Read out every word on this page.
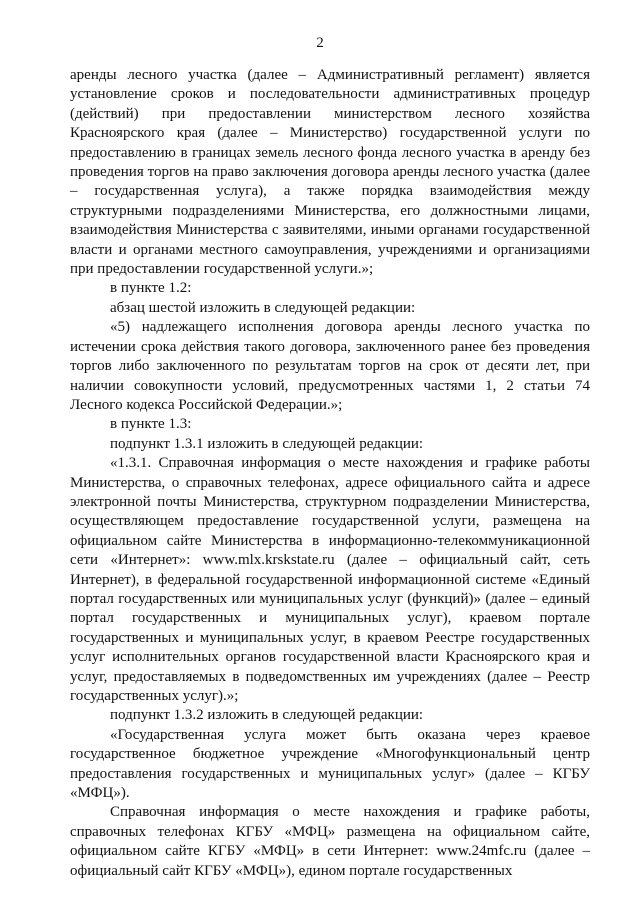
2

аренды лесного участка (далее – Административный регламент) является установление сроков и последовательности административных процедур (действий) при предоставлении министерством лесного хозяйства Красноярского края (далее – Министерство) государственной услуги по предоставлению в границах земель лесного фонда лесного участка в аренду без проведения торгов на право заключения договора аренды лесного участка (далее – государственная услуга), а также порядка взаимодействия между структурными подразделениями Министерства, его должностными лицами, взаимодействия Министерства с заявителями, иными органами государственной власти и органами местного самоуправления, учреждениями и организациями при предоставлении государственной услуги.»;

в пункте 1.2:

абзац шестой изложить в следующей редакции:

«5) надлежащего исполнения договора аренды лесного участка по истечении срока действия такого договора, заключенного ранее без проведения торгов либо заключенного по результатам торгов на срок от десяти лет, при наличии совокупности условий, предусмотренных частями 1, 2 статьи 74 Лесного кодекса Российской Федерации.»;

в пункте 1.3:

подпункт 1.3.1 изложить в следующей редакции:

«1.3.1. Справочная информация о месте нахождения и графике работы Министерства, о справочных телефонах, адресе официального сайта и адресе электронной почты Министерства, структурном подразделении Министерства, осуществляющем предоставление государственной услуги, размещена на официальном сайте Министерства в информационно-телекоммуникационной сети «Интернет»: www.mlx.krskstate.ru (далее – официальный сайт, сеть Интернет), в федеральной государственной информационной системе «Единый портал государственных или муниципальных услуг (функций)» (далее – единый портал государственных и муниципальных услуг), краевом портале государственных и муниципальных услуг, в краевом Реестре государственных услуг исполнительных органов государственной власти Красноярского края и услуг, предоставляемых в подведомственных им учреждениях (далее – Реестр государственных услуг).»;

подпункт 1.3.2 изложить в следующей редакции:

«Государственная услуга может быть оказана через краевое государственное бюджетное учреждение «Многофункциональный центр предоставления государственных и муниципальных услуг» (далее – КГБУ «МФЦ»).

Справочная информация о месте нахождения и графике работы, справочных телефонах КГБУ «МФЦ» размещена на официальном сайте, официальном сайте КГБУ «МФЦ» в сети Интернет: www.24mfc.ru (далее – официальный сайт КГБУ «МФЦ»), едином портале государственных
